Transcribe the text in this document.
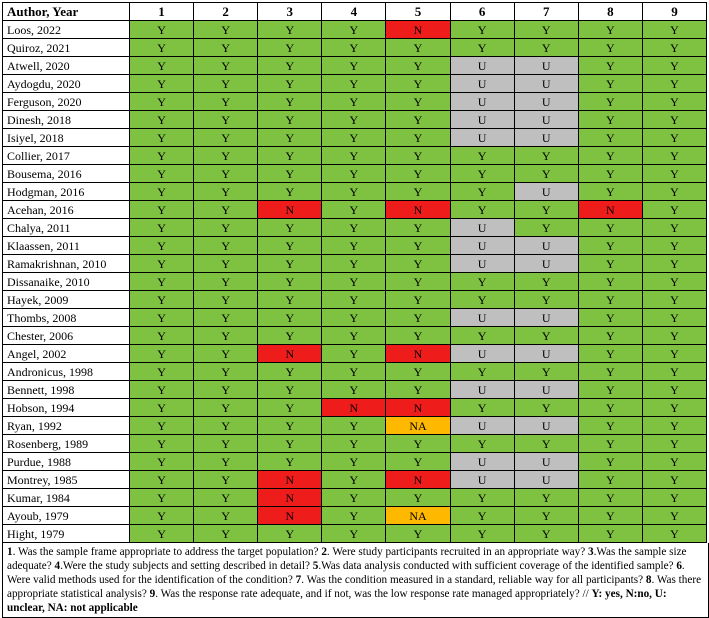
Author, Year	1	2	3	4	5	6	7	8	9
Loos, 2022	Y	Y	Y	Y	N	Y	Y	Y	Y
Quiroz, 2021	Y	Y	Y	Y	Y	Y	Y	Y	Y
Atwell, 2020	Y	Y	Y	Y	Y	U	U	Y	Y
Aydogdu, 2020	Y	Y	Y	Y	Y	U	U	Y	Y
Ferguson, 2020	Y	Y	Y	Y	Y	U	U	Y	Y
Dinesh, 2018	Y	Y	Y	Y	Y	U	U	Y	Y
Isiyel, 2018	Y	Y	Y	Y	Y	U	U	Y	Y
Collier, 2017	Y	Y	Y	Y	Y	Y	Y	Y	Y
Bousema, 2016	Y	Y	Y	Y	Y	Y	Y	Y	Y
Hodgman, 2016	Y	Y	Y	Y	Y	Y	U	Y	Y
Acehan, 2016	Y	Y	N	Y	N	Y	Y	N	Y
Chalya, 2011	Y	Y	Y	Y	Y	U	Y	Y	Y
Klaassen, 2011	Y	Y	Y	Y	Y	U	U	Y	Y
Ramakrishnan, 2010	Y	Y	Y	Y	Y	U	U	Y	Y
Dissanaike, 2010	Y	Y	Y	Y	Y	Y	Y	Y	Y
Hayek, 2009	Y	Y	Y	Y	Y	Y	Y	Y	Y
Thombs, 2008	Y	Y	Y	Y	Y	U	U	Y	Y
Chester, 2006	Y	Y	Y	Y	Y	Y	Y	Y	Y
Angel, 2002	Y	Y	N	Y	N	U	U	Y	Y
Andronicus, 1998	Y	Y	Y	Y	Y	Y	Y	Y	Y
Bennett, 1998	Y	Y	Y	Y	Y	U	U	Y	Y
Hobson, 1994	Y	Y	Y	N	N	Y	Y	Y	Y
Ryan, 1992	Y	Y	Y	Y	NA	U	U	Y	Y
Rosenberg, 1989	Y	Y	Y	Y	Y	Y	Y	Y	Y
Purdue, 1988	Y	Y	Y	Y	Y	U	U	Y	Y
Montrey, 1985	Y	Y	N	Y	N	U	U	Y	Y
Kumar, 1984	Y	Y	N	Y	Y	Y	Y	Y	Y
Ayoub, 1979	Y	Y	N	Y	NA	Y	Y	Y	Y
Hight, 1979	Y	Y	Y	Y	Y	Y	Y	Y	Y
1. Was the sample frame appropriate to address the target population? 2. Were study participants recruited in an appropriate way? 3.Was the sample size adequate? 4.Were the study subjects and setting described in detail? 5.Was data analysis conducted with sufficient coverage of the identified sample? 6. Were valid methods used for the identification of the condition? 7. Was the condition measured in a standard, reliable way for all participants? 8. Was there appropriate statistical analysis? 9. Was the response rate adequate, and if not, was the low response rate managed appropriately? // Y: yes, N:no, U: unclear, NA: not applicable
